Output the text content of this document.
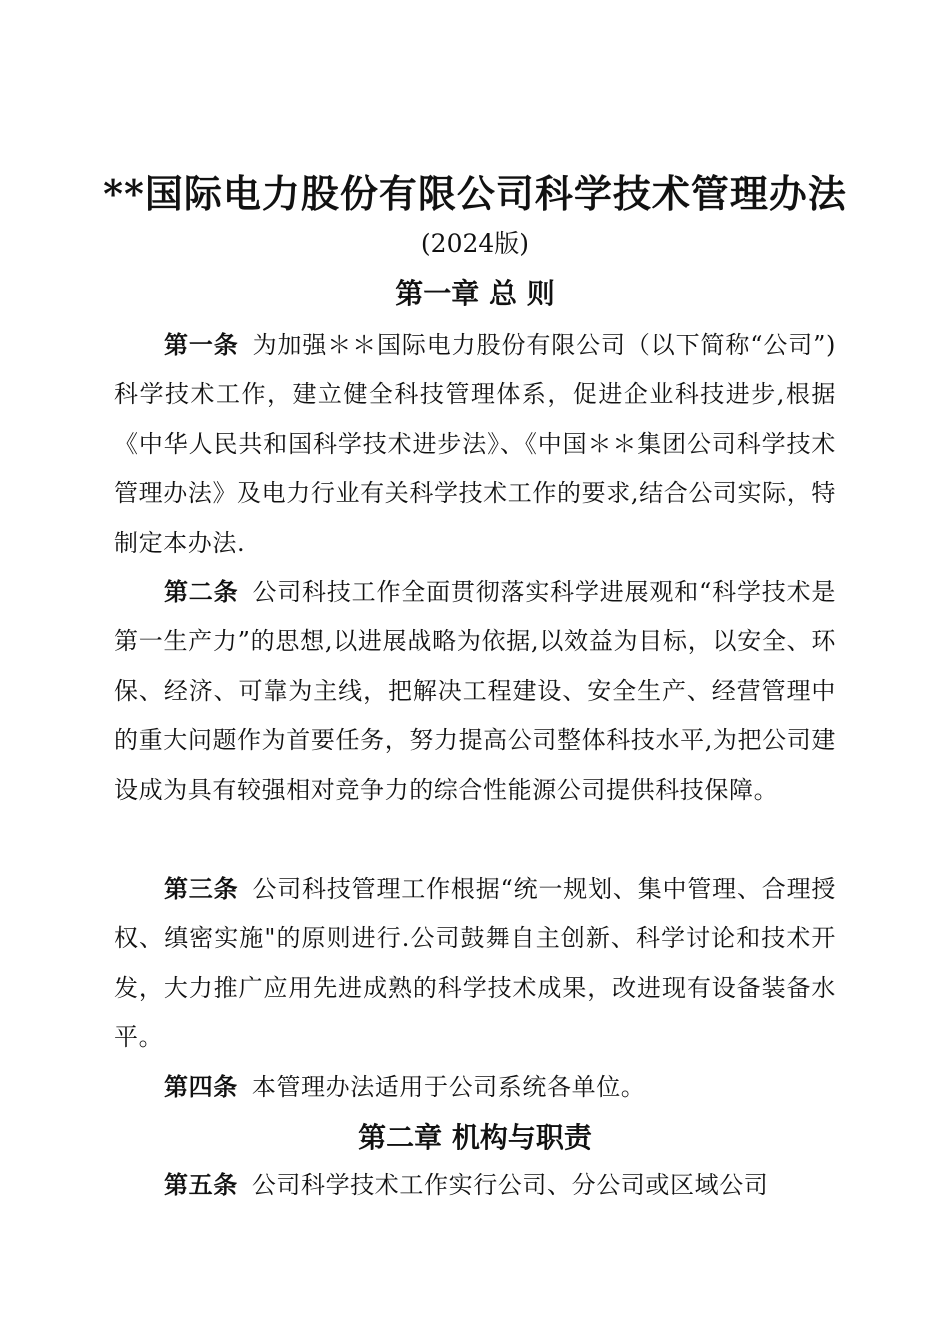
**国际电力股份有限公司科学技术管理办法
(2024版)
第一章 总 则
第一条 为加强＊＊国际电力股份有限公司（以下简称“公司”)科学技术工作，建立健全科技管理体系，促进企业科技进步,根据《中华人民共和国科学技术进步法》、《中国＊＊集团公司科学技术管理办法》及电力行业有关科学技术工作的要求,结合公司实际，特制定本办法.
第二条 公司科技工作全面贯彻落实科学进展观和“科学技术是第一生产力”的思想,以进展战略为依据,以效益为目标，以安全、环保、经济、可靠为主线，把解决工程建设、安全生产、经营管理中的重大问题作为首要任务，努力提高公司整体科技水平,为把公司建设成为具有较强相对竞争力的综合性能源公司提供科技保障。
第三条 公司科技管理工作根据“统一规划、集中管理、合理授权、缜密实施"的原则进行.公司鼓舞自主创新、科学讨论和技术开发，大力推广应用先进成熟的科学技术成果，改进现有设备装备水平。
第四条 本管理办法适用于公司系统各单位。
第二章 机构与职责
第五条 公司科学技术工作实行公司、分公司或区域公司
